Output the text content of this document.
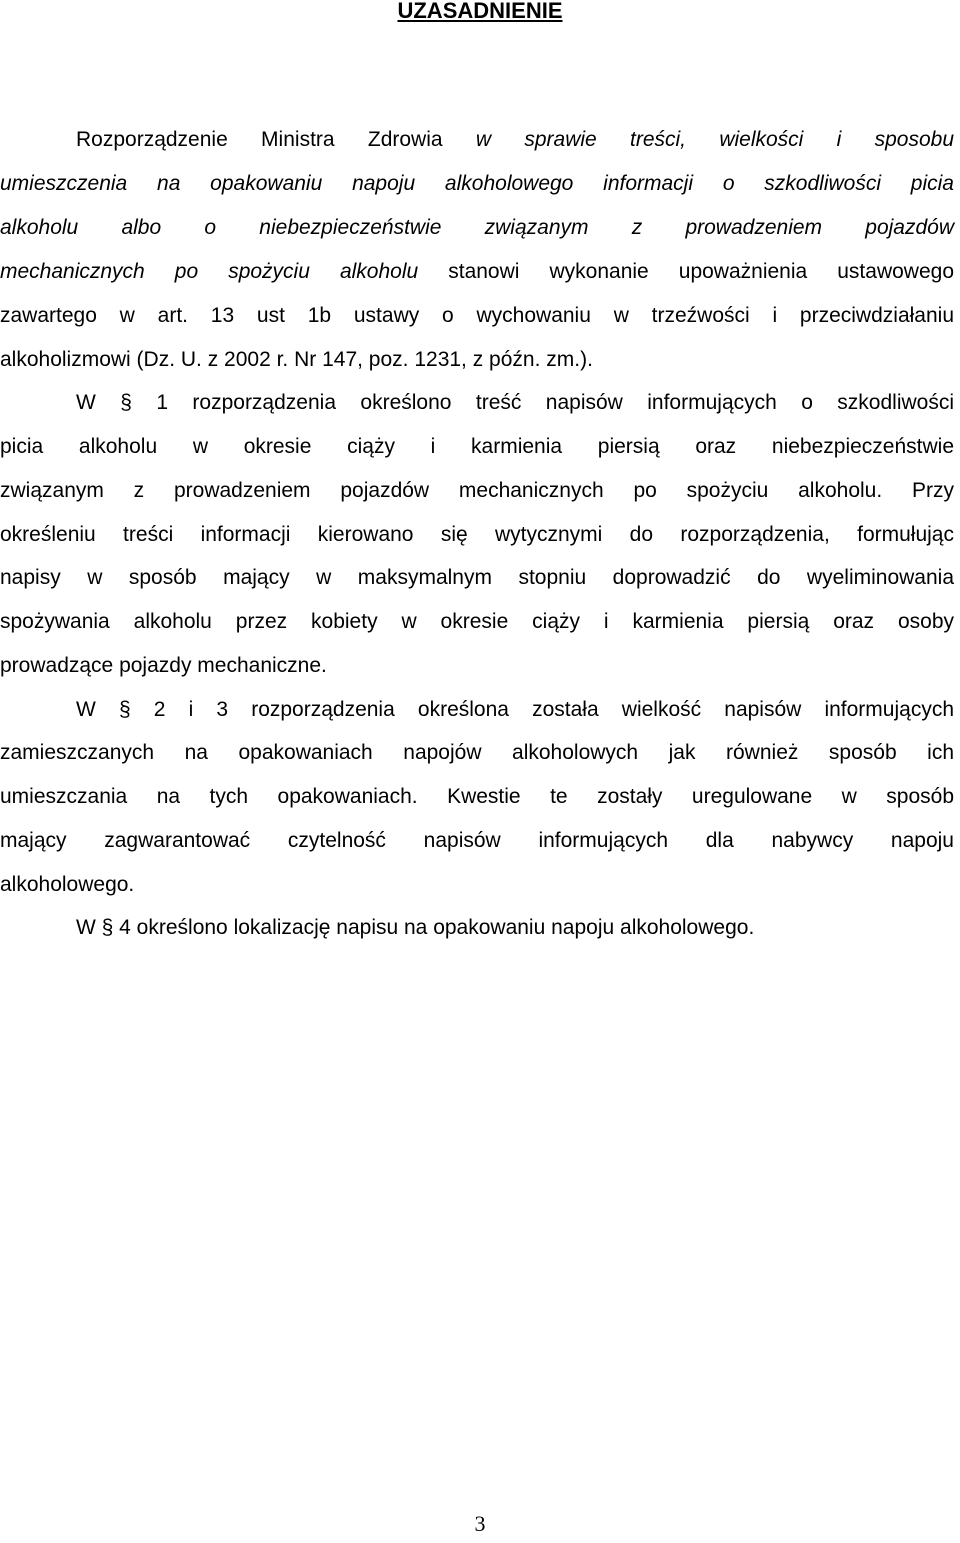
UZASADNIENIE
Rozporządzenie Ministra Zdrowia w sprawie treści, wielkości i sposobu
umieszczenia na opakowaniu napoju alkoholowego informacji o szkodliwości picia
alkoholu albo o niebezpieczeństwie związanym z prowadzeniem pojazdów
mechanicznych po spożyciu alkoholu stanowi wykonanie upoważnienia ustawowego
zawartego w art. 13 ust 1b ustawy o wychowaniu w trzeźwości i przeciwdziałaniu
alkoholizmowi (Dz. U. z 2002 r. Nr 147, poz. 1231, z późn. zm.).
W § 1 rozporządzenia określono treść napisów informujących o szkodliwości
picia alkoholu w okresie ciąży i karmienia piersią oraz niebezpieczeństwie
związanym z prowadzeniem pojazdów mechanicznych po spożyciu alkoholu. Przy
określeniu treści informacji kierowano się wytycznymi do rozporządzenia, formułując
napisy w sposób mający w maksymalnym stopniu doprowadzić do wyeliminowania
spożywania alkoholu przez kobiety w okresie ciąży i karmienia piersią oraz osoby
prowadzące pojazdy mechaniczne.
W § 2 i 3 rozporządzenia określona została wielkość napisów informujących
zamieszczanych na opakowaniach napojów alkoholowych jak również sposób ich
umieszczania na tych opakowaniach. Kwestie te zostały uregulowane w sposób
mający zagwarantować czytelność napisów informujących dla nabywcy napoju
alkoholowego.
W § 4 określono lokalizację napisu na opakowaniu napoju alkoholowego.
3
